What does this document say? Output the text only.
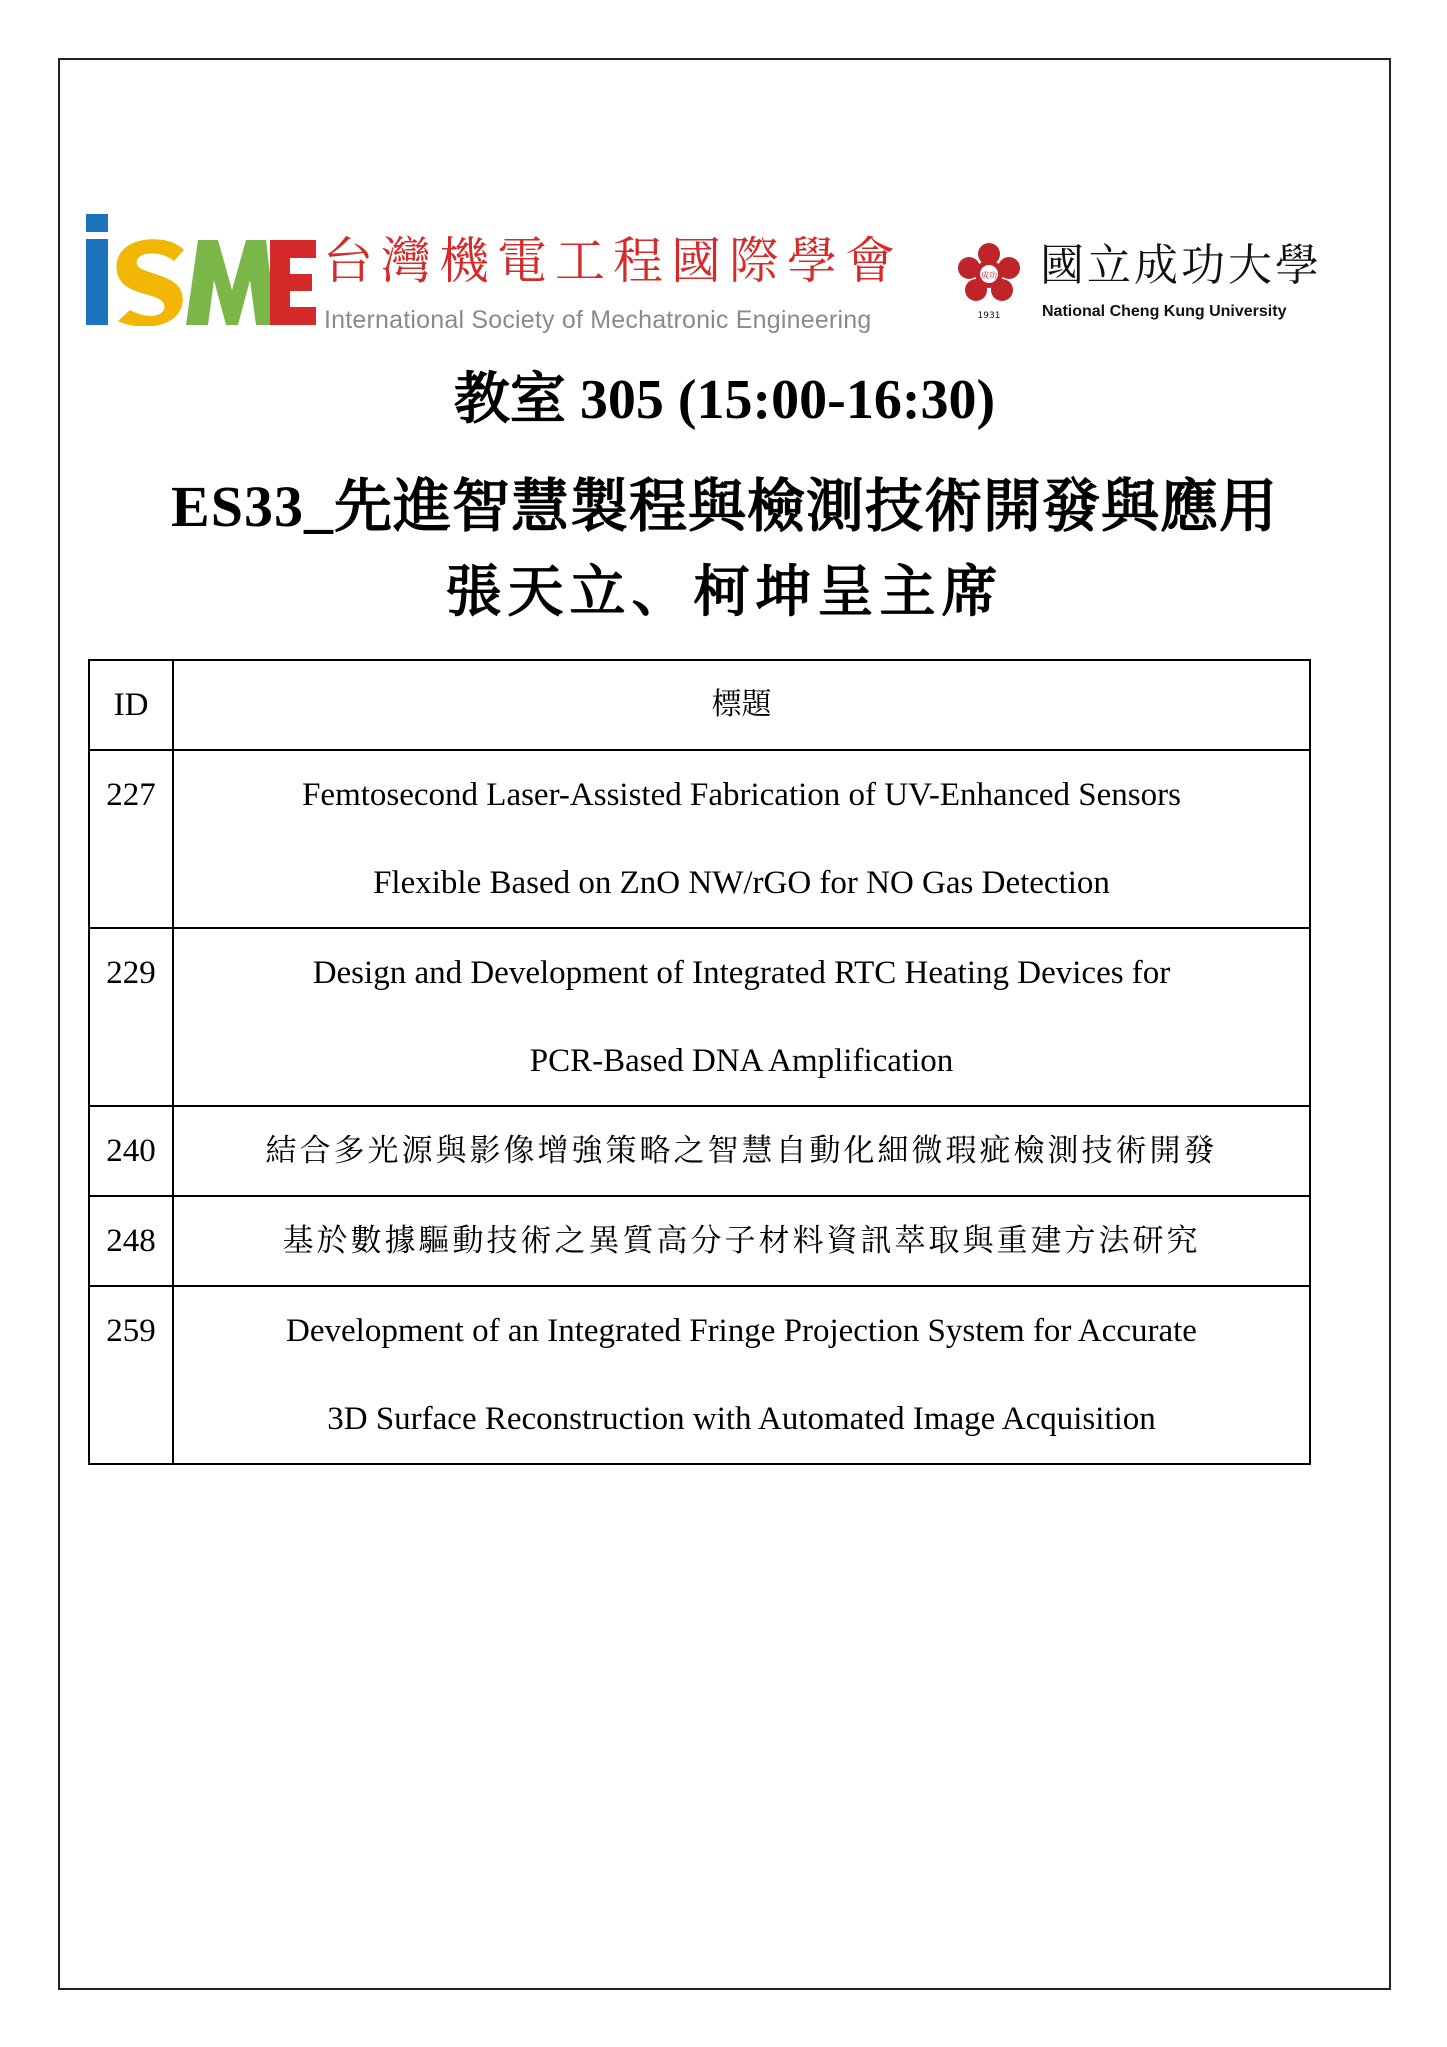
台灣機電工程國際學會
International Society of Mechatronic Engineering
成功
1931
國立成功大學
National Cheng Kung University
教室 305 (15:00-16:30)
ES33_先進智慧製程與檢測技術開發與應用
張天立、柯坤呈主席
ID	標題
227	Femtosecond Laser-Assisted Fabrication of UV-Enhanced Sensors
Flexible Based on ZnO NW/rGO for NO Gas Detection

229	Design and Development of Integrated RTC Heating Devices for
PCR-Based DNA Amplification

240	結合多光源與影像增強策略之智慧自動化細微瑕疵檢測技術開發

248	基於數據驅動技術之異質高分子材料資訊萃取與重建方法研究

259	Development of an Integrated Fringe Projection System for Accurate
3D Surface Reconstruction with Automated Image Acquisition
